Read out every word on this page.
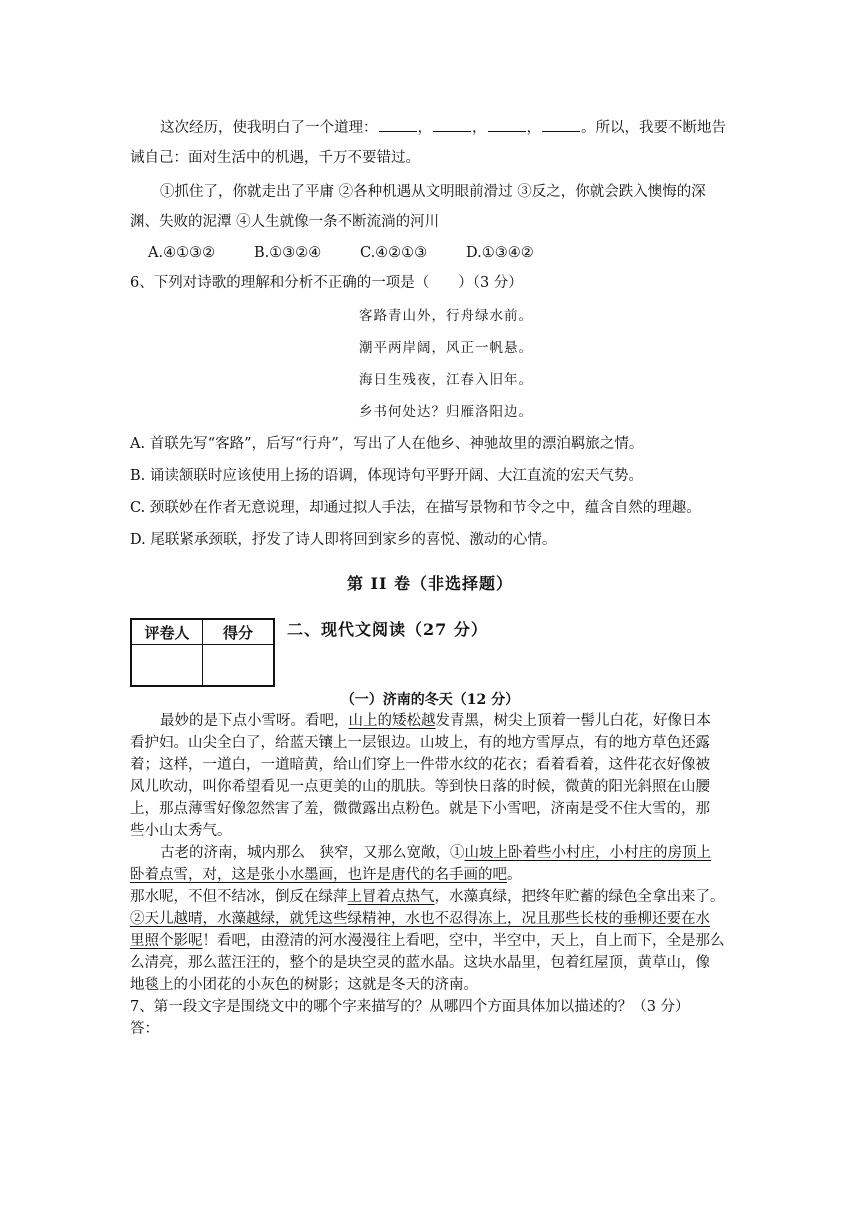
这次经历，使我明白了一个道理：	，	，	，	。所以，我要不断地告
诫自己：面对生活中的机遇，千万不要错过。
①抓住了，你就走出了平庸 ②各种机遇从文明眼前滑过 ③反之，你就会跌入懊悔的深
渊、失败的泥潭 ④人生就像一条不断流淌的河川
A.④①③②	B.①③②④	C.④②①③	D.①③④②
6、下列对诗歌的理解和分析不正确的一项是（　　）（3 分）
客路青山外，行舟绿水前。
潮平两岸阔，风正一帆悬。
海日生残夜，江春入旧年。
乡书何处达？归雁洛阳边。
A. 首联先写“客路”，后写“行舟”，写出了人在他乡、神驰故里的漂泊羁旅之情。
B. 诵读颔联时应该使用上扬的语调，体现诗句平野开阔、大江直流的宏天气势。
C. 颈联妙在作者无意说理，却通过拟人手法，在描写景物和节令之中，蕴含自然的理趣。
D. 尾联紧承颈联，抒发了诗人即将回到家乡的喜悦、激动的心情。
第 II 卷（非选择题）
评卷人	得分
	二、现代文阅读（27 分）
（一）济南的冬天（12 分）
最妙的是下点小雪呀。看吧，山上的矮松越发青黑，树尖上顶着一髻儿白花，好像日本
看护妇。山尖全白了，给蓝天镶上一层银边。山坡上，有的地方雪厚点，有的地方草色还露
着；这样，一道白，一道暗黄，给山们穿上一件带水纹的花衣；看着看着，这件花衣好像被
风儿吹动，叫你希望看见一点更美的山的肌肤。等到快日落的时候，微黄的阳光斜照在山腰
上，那点薄雪好像忽然害了羞，微微露出点粉色。就是下小雪吧，济南是受不住大雪的，那
些小山太秀气。
古老的济南，城内那么　狭窄，又那么宽敞，①山坡上卧着些小村庄，小村庄的房顶上
卧着点雪，对，这是张小水墨画，也许是唐代的名手画的吧。
那水呢，不但不结冰，倒反在绿萍上冒着点热气，水藻真绿，把终年贮蓄的绿色全拿出来了。
②天儿越晴，水藻越绿，就凭这些绿精神，水也不忍得冻上，况且那些长枝的垂柳还要在水
里照个影呢！看吧，由澄清的河水漫漫往上看吧，空中，半空中，天上，自上而下，全是那么
么清亮，那么蓝汪汪的，整个的是块空灵的蓝水晶。这块水晶里，包着红屋顶，黄草山，像
地毯上的小团花的小灰色的树影；这就是冬天的济南。
7、第一段文字是围绕文中的哪个字来描写的？从哪四个方面具体加以描述的？（3 分）
答：
